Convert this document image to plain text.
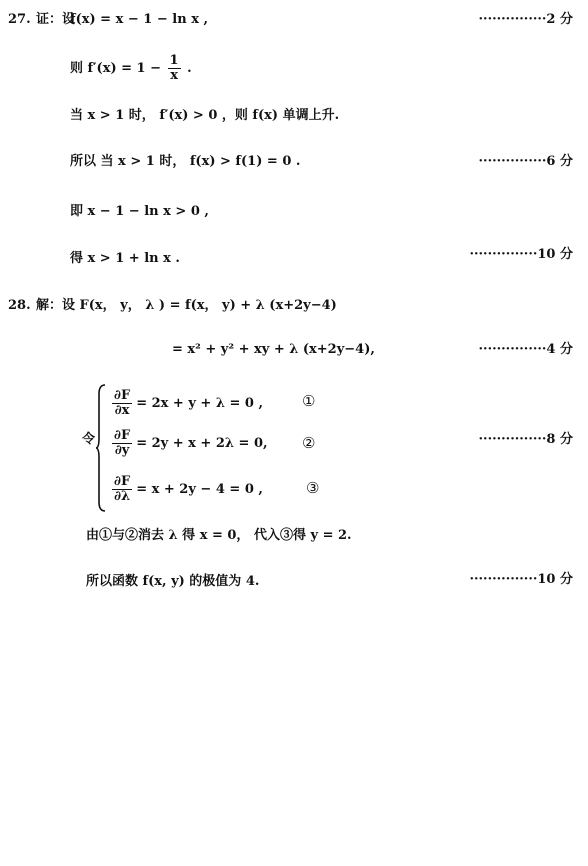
27. 证：设
f(x) = x − 1 − ln x ,	···············2 分
则 $f'(x) = 1 - \frac{1}{x}$ .
当 x > 1 时， f′(x) > 0 ，则 f(x) 单调上升.
所以 当 x > 1 时， f(x) > f(1) = 0 .	···············6 分
即 x − 1 − ln x > 0 ,
得 x > 1 + ln x .	···············10 分
28. 解：设 F(x， y， λ ) = f(x， y) + λ (x+2y−4)
= x² + y² + xy + λ (x+2y−4),	···············4 分
令
$\frac{\partial F}{\partial x} = 2x + y + \lambda = 0$ ,	①
$\frac{\partial F}{\partial y} = 2y + x + 2\lambda = 0$, ②	···············8 分
$\frac{\partial F}{\partial\lambda} = x + 2y - 4 = 0$ ,	③
由①与②消去 λ 得 x = 0， 代入③得 y = 2.
所以函数 f(x, y) 的极值为 4.	···············10 分
